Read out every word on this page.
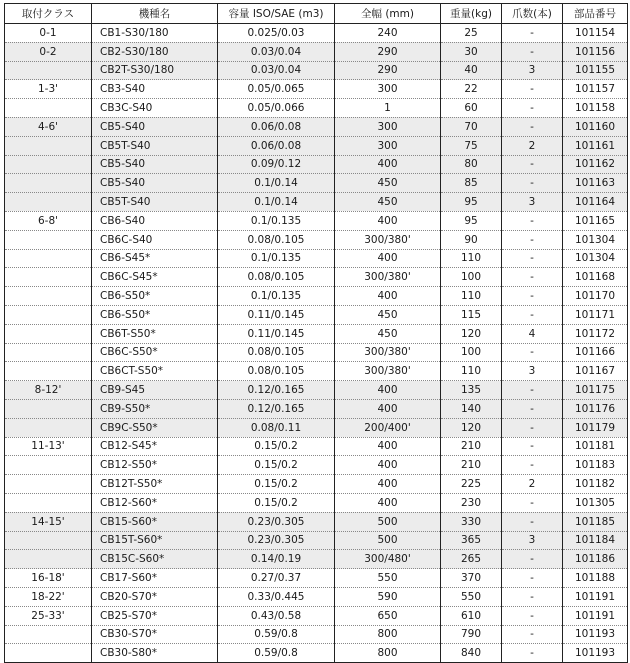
取付クラス	機種名	容量 ISO/SAE (m3)	全幅 (mm)	重量(kg)	爪数(本)	部品番号
0-1	CB1-S30/180	0.025/0.03	240	25	-	101154
0-2	CB2-S30/180	0.03/0.04	290	30	-	101156
	CB2T-S30/180	0.03/0.04	290	40	3	101155
1-3'	CB3-S40	0.05/0.065	300	22	-	101157
	CB3C-S40	0.05/0.066	1	60	-	101158
4-6'	CB5-S40	0.06/0.08	300	70	-	101160
	CB5T-S40	0.06/0.08	300	75	2	101161
	CB5-S40	0.09/0.12	400	80	-	101162
	CB5-S40	0.1/0.14	450	85	-	101163
	CB5T-S40	0.1/0.14	450	95	3	101164
6-8'	CB6-S40	0.1/0.135	400	95	-	101165
	CB6C-S40	0.08/0.105	300/380'	90	-	101304
	CB6-S45*	0.1/0.135	400	110	-	101304
	CB6C-S45*	0.08/0.105	300/380'	100	-	101168
	CB6-S50*	0.1/0.135	400	110	-	101170
	CB6-S50*	0.11/0.145	450	115	-	101171
	CB6T-S50*	0.11/0.145	450	120	4	101172
	CB6C-S50*	0.08/0.105	300/380'	100	-	101166
	CB6CT-S50*	0.08/0.105	300/380'	110	3	101167
8-12'	CB9-S45	0.12/0.165	400	135	-	101175
	CB9-S50*	0.12/0.165	400	140	-	101176
	CB9C-S50*	0.08/0.11	200/400'	120	-	101179
11-13'	CB12-S45*	0.15/0.2	400	210	-	101181
	CB12-S50*	0.15/0.2	400	210	-	101183
	CB12T-S50*	0.15/0.2	400	225	2	101182
	CB12-S60*	0.15/0.2	400	230	-	101305
14-15'	CB15-S60*	0.23/0.305	500	330	-	101185
	CB15T-S60*	0.23/0.305	500	365	3	101184
	CB15C-S60*	0.14/0.19	300/480'	265	-	101186
16-18'	CB17-S60*	0.27/0.37	550	370	-	101188
18-22'	CB20-S70*	0.33/0.445	590	550	-	101191
25-33'	CB25-S70*	0.43/0.58	650	610	-	101191
	CB30-S70*	0.59/0.8	800	790	-	101193
	CB30-S80*	0.59/0.8	800	840	-	101193
